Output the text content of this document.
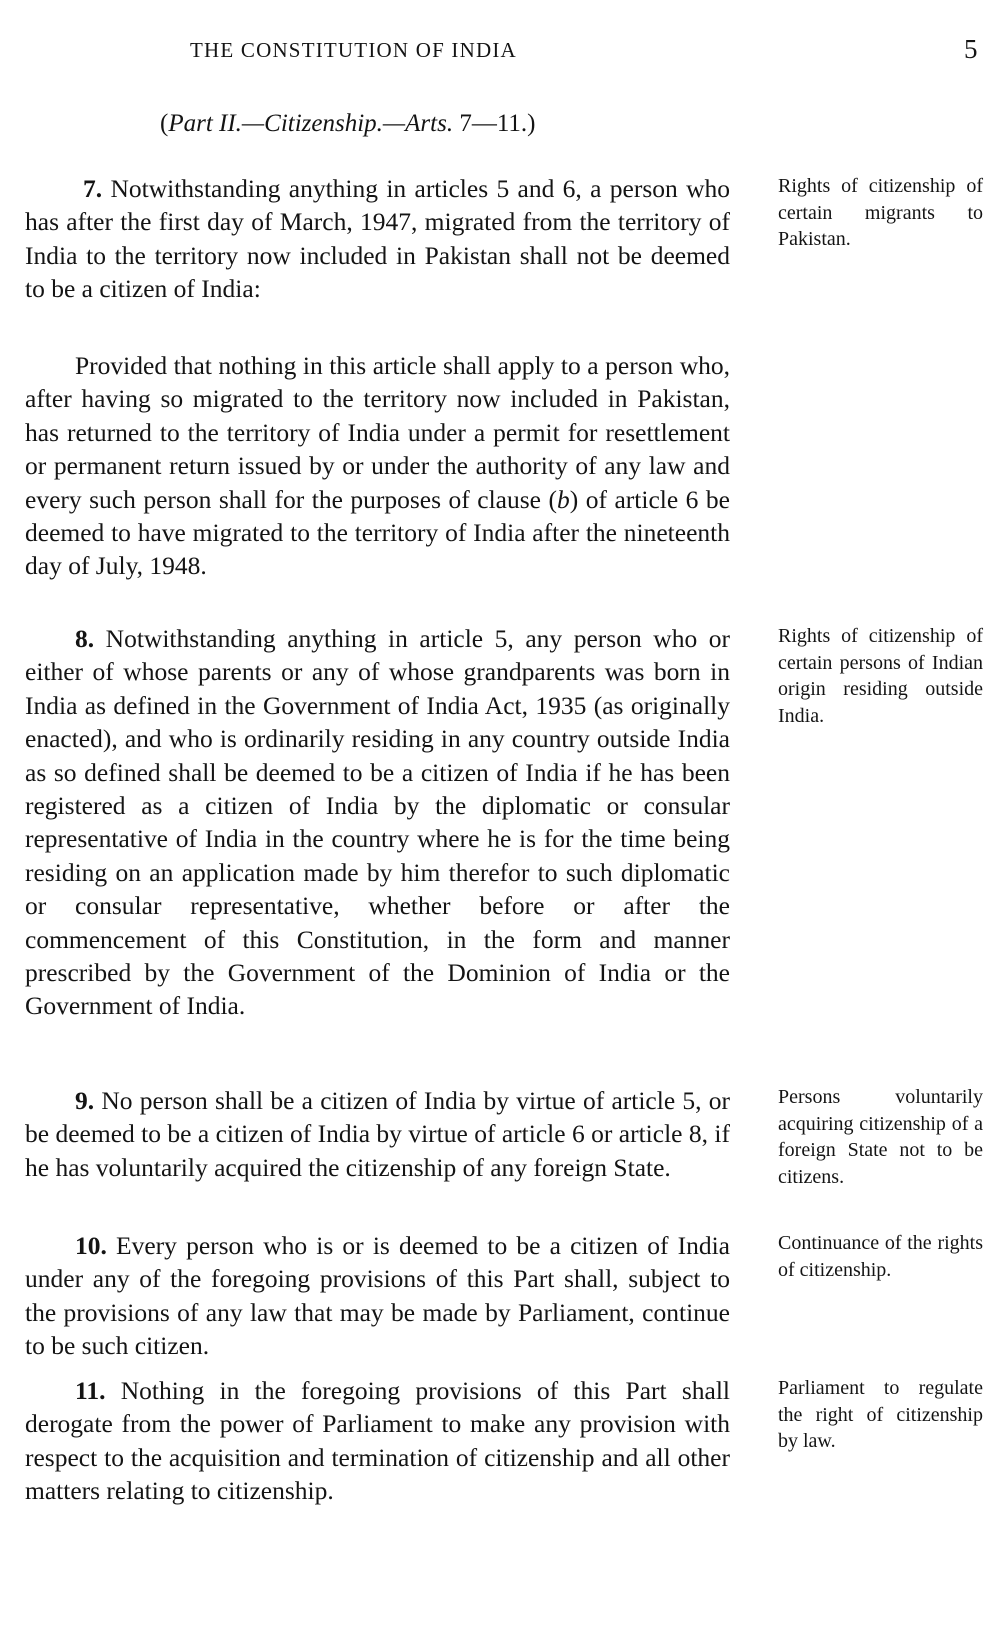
THE CONSTITUTION OF INDIA	5
(Part II.—Citizenship.—Arts. 7—11.)

7. Notwithstanding anything in articles 5 and 6, a person who has after the first day of March, 1947, migrated from the territory of India to the territory now included in Pakistan shall not be deemed to be a citizen of India:

Rights of citizenship of certain migrants to Pakistan.

Provided that nothing in this article shall apply to a person who, after having so migrated to the territory now included in Pakistan, has returned to the territory of India under a permit for resettlement or permanent return issued by or under the authority of any law and every such person shall for the purposes of clause (b) of article 6 be deemed to have migrated to the territory of India after the nineteenth day of July, 1948.

8. Notwithstanding anything in article 5, any person who or either of whose parents or any of whose grandparents was born in India as defined in the Government of India Act, 1935 (as originally enacted), and who is ordinarily residing in any country outside India as so defined shall be deemed to be a citizen of India if he has been registered as a citizen of India by the diplomatic or consular representative of India in the country where he is for the time being residing on an application made by him therefor to such diplomatic or consular representative, whether before or after the commencement of this Constitution, in the form and manner prescribed by the Government of the Dominion of India or the Government of India.

Rights of citizenship of certain persons of Indian origin residing outside India.

9. No person shall be a citizen of India by virtue of article 5, or be deemed to be a citizen of India by virtue of article 6 or article 8, if he has voluntarily acquired the citizenship of any foreign State.

Persons voluntarily acquiring citizenship of a foreign State not to be citizens.

10. Every person who is or is deemed to be a citizen of India under any of the foregoing provisions of this Part shall, subject to the provisions of any law that may be made by Parliament, continue to be such citizen.

Continuance of the rights of citizenship.

11. Nothing in the foregoing provisions of this Part shall derogate from the power of Parliament to make any provision with respect to the acquisition and termination of citizenship and all other matters relating to citizenship.

Parliament to regulate the right of citizenship by law.
